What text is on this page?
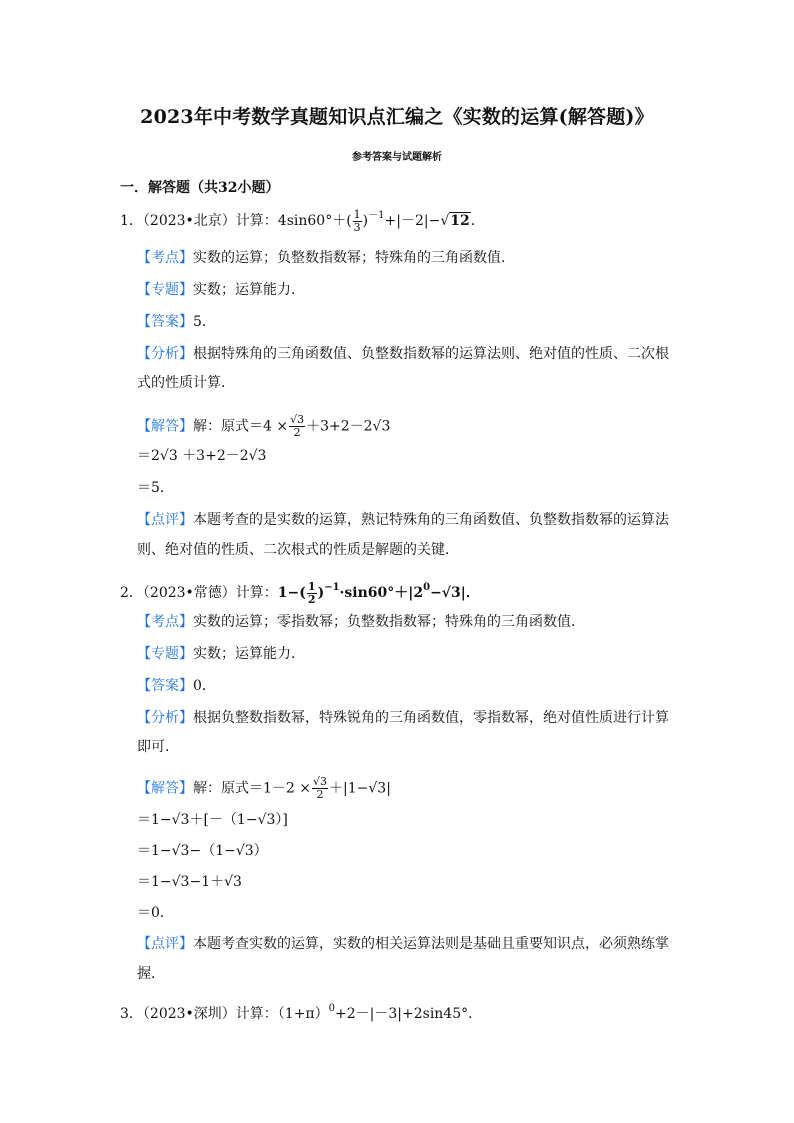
2023年中考数学真题知识点汇编之《实数的运算(解答题)》
参考答案与试题解析
一．解答题（共32小题）
1．（2023•北京）计算：$4\sin 60^\circ+( \frac{1}{3} )^{-1}+|-2|-√12$．
【考点】实数的运算；负整数指数幂；特殊角的三角函数值．
【专题】实数；运算能力．
【答案】5．
【分析】根据特殊角的三角函数值、负整数指数幂的运算法则、绝对值的性质、二次根
式的性质计算．
【解答】解：原式$=4 \times \frac{√3}{2} +3+2-2√3$
＝2√3 ＋3+2－2√3
＝5．
【点评】本题考查的是实数的运算，熟记特殊角的三角函数值、负整数指数幂的运算法
则、绝对值的性质、二次根式的性质是解题的关键．
2．（2023•常德）计算：$1-( \frac{1}{2} )^{-1}\cdot\sin 60^\circ+|2^0-√3|$．
【考点】实数的运算；零指数幂；负整数指数幂；特殊角的三角函数值．
【专题】实数；运算能力．
【答案】0．
【分析】根据负整数指数幂，特殊锐角的三角函数值，零指数幂，绝对值性质进行计算
即可．
【解答】解：原式$=1-2 \times \frac{√3}{2} +|1-√3|$
＝1−√3＋[－（1−√3）]
＝1−√3−（1−√3）
＝1−√3−1＋√3
＝0．
【点评】本题考查实数的运算，实数的相关运算法则是基础且重要知识点，必须熟练掌
握．
3．（2023•深圳）计算：$(1+\pi)^0+2-|-3|+2\sin 45^\circ$．
